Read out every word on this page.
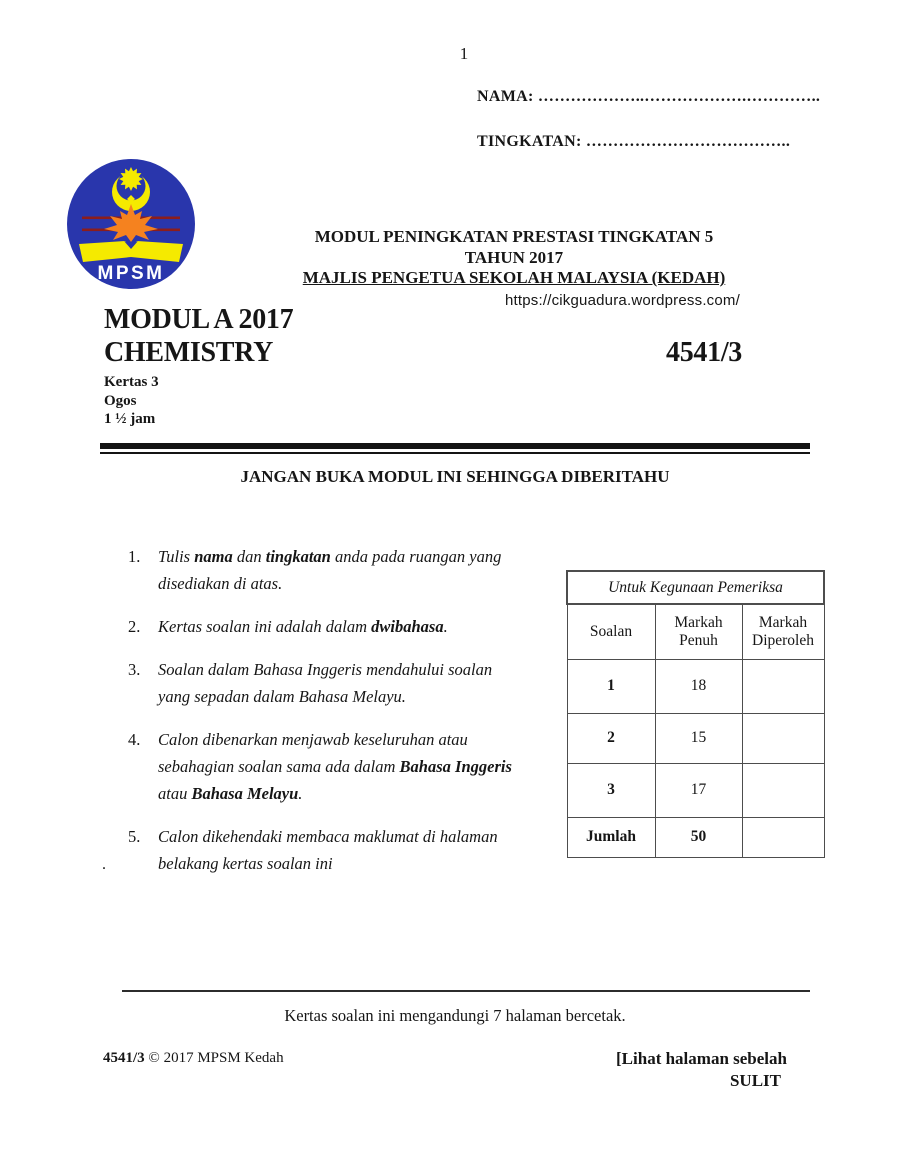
1
NAMA: ………………..……………….…………..
TINGKATAN: ………………………………..
MPSM
MODUL PENINGKATAN PRESTASI TINGKATAN 5
TAHUN 2017
MAJLIS PENGETUA SEKOLAH MALAYSIA (KEDAH)
https://cikguadura.wordpress.com/
MODUL A 2017
CHEMISTRY	4541/3
Kertas 3
Ogos
1 ½ jam
JANGAN BUKA MODUL INI SEHINGGA DIBERITAHU
1.	Tulis nama dan tingkatan anda pada ruangan yang
disediakan di atas.
2.	Kertas soalan ini adalah dalam dwibahasa.
3.	Soalan dalam Bahasa Inggeris mendahului soalan
yang sepadan dalam Bahasa Melayu.
4.	Calon dibenarkan menjawab keseluruhan atau
sebahagian soalan sama ada dalam Bahasa Inggeris
atau Bahasa Melayu.
5.	Calon dikehendaki membaca maklumat di halaman
belakang kertas soalan ini
.
Untuk Kegunaan Pemeriksa		
Soalan	Markah Penuh	Markah Diperoleh
1	18	
2	15	
3	17	
Jumlah	50	
Kertas soalan ini mengandungi 7 halaman bercetak.
4541/3 © 2017 MPSM Kedah	[Lihat halaman sebelah
SULIT
